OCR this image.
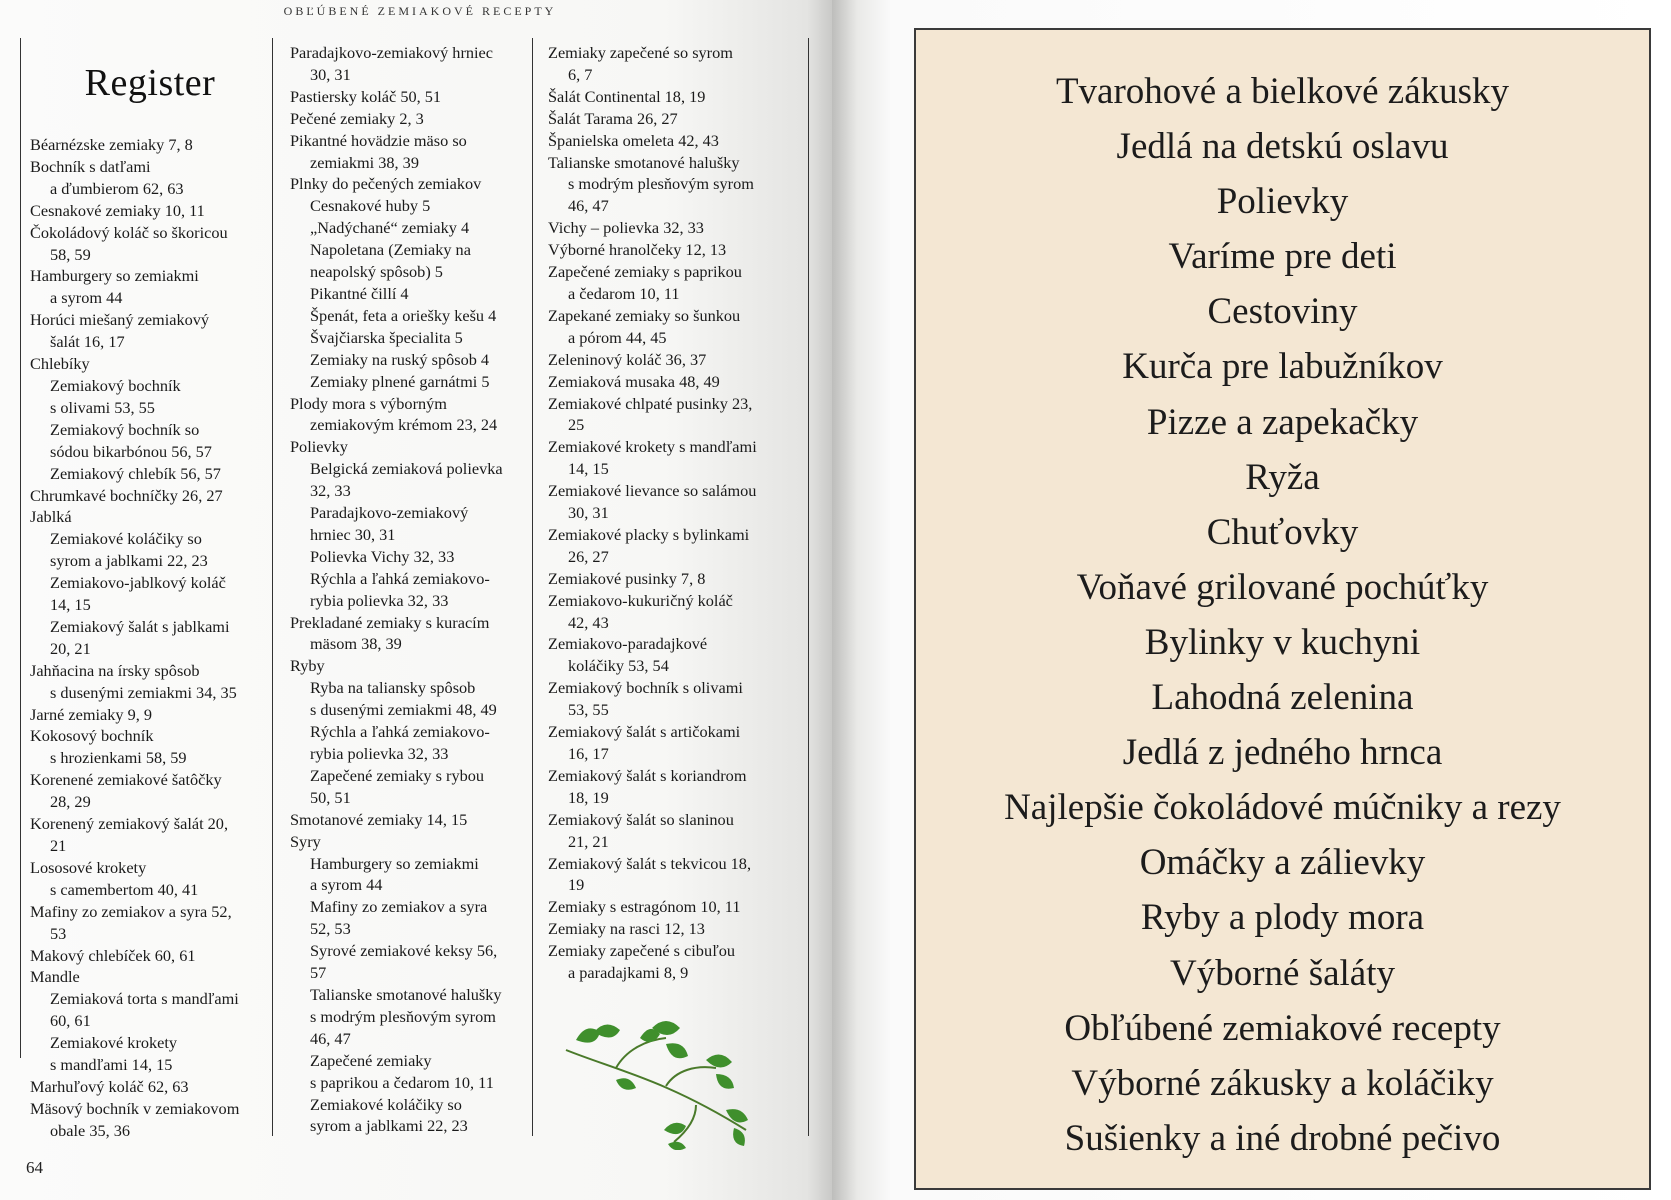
OBĽÚBENÉ ZEMIAKOVÉ RECEPTY
Register
Béarnézske zemiaky 7, 8
Bochník s datľami
a ďumbierom 62, 63
Cesnakové zemiaky 10, 11
Čokoládový koláč so škoricou
58, 59
Hamburgery so zemiakmi
a syrom 44
Horúci miešaný zemiakový
šalát 16, 17
Chlebíky
Zemiakový bochník
s olivami 53, 55
Zemiakový bochník so
sódou bikarbónou 56, 57
Zemiakový chlebík 56, 57
Chrumkavé bochníčky 26, 27
Jablká
Zemiakové koláčiky so
syrom a jablkami 22, 23
Zemiakovo-jablkový koláč
14, 15
Zemiakový šalát s jablkami
20, 21
Jahňacina na írsky spôsob
s dusenými zemiakmi 34, 35
Jarné zemiaky 9, 9
Kokosový bochník
s hrozienkami 58, 59
Korenené zemiakové šatôčky
28, 29
Korenený zemiakový šalát 20,
21
Lososové krokety
s camembertom 40, 41
Mafiny zo zemiakov a syra 52,
53
Makový chlebíček 60, 61
Mandle
Zemiaková torta s mandľami
60, 61
Zemiakové krokety
s mandľami 14, 15
Marhuľový koláč 62, 63
Mäsový bochník v zemiakovom
obale 35, 36
Paradajkovo-zemiakový hrniec
30, 31
Pastiersky koláč 50, 51
Pečené zemiaky 2, 3
Pikantné hovädzie mäso so
zemiakmi 38, 39
Plnky do pečených zemiakov
Cesnakové huby 5
„Nadýchané“ zemiaky 4
Napoletana (Zemiaky na
neapolský spôsob) 5
Pikantné čillí 4
Špenát, feta a oriešky kešu 4
Švajčiarska špecialita 5
Zemiaky na ruský spôsob 4
Zemiaky plnené garnátmi 5
Plody mora s výborným
zemiakovým krémom 23, 24
Polievky
Belgická zemiaková polievka
32, 33
Paradajkovo-zemiakový
hrniec 30, 31
Polievka Vichy 32, 33
Rýchla a ľahká zemiakovo-
rybia polievka 32, 33
Prekladané zemiaky s kuracím
mäsom 38, 39
Ryby
Ryba na taliansky spôsob
s dusenými zemiakmi 48, 49
Rýchla a ľahká zemiakovo-
rybia polievka 32, 33
Zapečené zemiaky s rybou
50, 51
Smotanové zemiaky 14, 15
Syry
Hamburgery so zemiakmi
a syrom 44
Mafiny zo zemiakov a syra
52, 53
Syrové zemiakové keksy 56,
57
Talianske smotanové halušky
s modrým plesňovým syrom
46, 47
Zapečené zemiaky
s paprikou a čedarom 10, 11
Zemiakové koláčiky so
syrom a jablkami 22, 23
Zemiaky zapečené so syrom
6, 7
Šalát Continental 18, 19
Šalát Tarama 26, 27
Španielska omeleta 42, 43
Talianske smotanové halušky
s modrým plesňovým syrom
46, 47
Vichy – polievka 32, 33
Výborné hranolčeky 12, 13
Zapečené zemiaky s paprikou
a čedarom 10, 11
Zapekané zemiaky so šunkou
a pórom 44, 45
Zeleninový koláč 36, 37
Zemiaková musaka 48, 49
Zemiakové chlpaté pusinky 23,
25
Zemiakové krokety s mandľami
14, 15
Zemiakové lievance so salámou
30, 31
Zemiakové placky s bylinkami
26, 27
Zemiakové pusinky 7, 8
Zemiakovo-kukuričný koláč
42, 43
Zemiakovo-paradajkové
koláčiky 53, 54
Zemiakový bochník s olivami
53, 55
Zemiakový šalát s artičokami
16, 17
Zemiakový šalát s koriandrom
18, 19
Zemiakový šalát so slaninou
21, 21
Zemiakový šalát s tekvicou 18,
19
Zemiaky s estragónom 10, 11
Zemiaky na rasci 12, 13
Zemiaky zapečené s cibuľou
a paradajkami 8, 9
64
Tvarohové a bielkové zákusky
Jedlá na detskú oslavu
Polievky
Varíme pre deti
Cestoviny
Kurča pre labužníkov
Pizze a zapekačky
Ryža
Chuťovky
Voňavé grilované pochúťky
Bylinky v kuchyni
Lahodná zelenina
Jedlá z jedného hrnca
Najlepšie čokoládové múčniky a rezy
Omáčky a zálievky
Ryby a plody mora
Výborné šaláty
Obľúbené zemiakové recepty
Výborné zákusky a koláčiky
Sušienky a iné drobné pečivo
